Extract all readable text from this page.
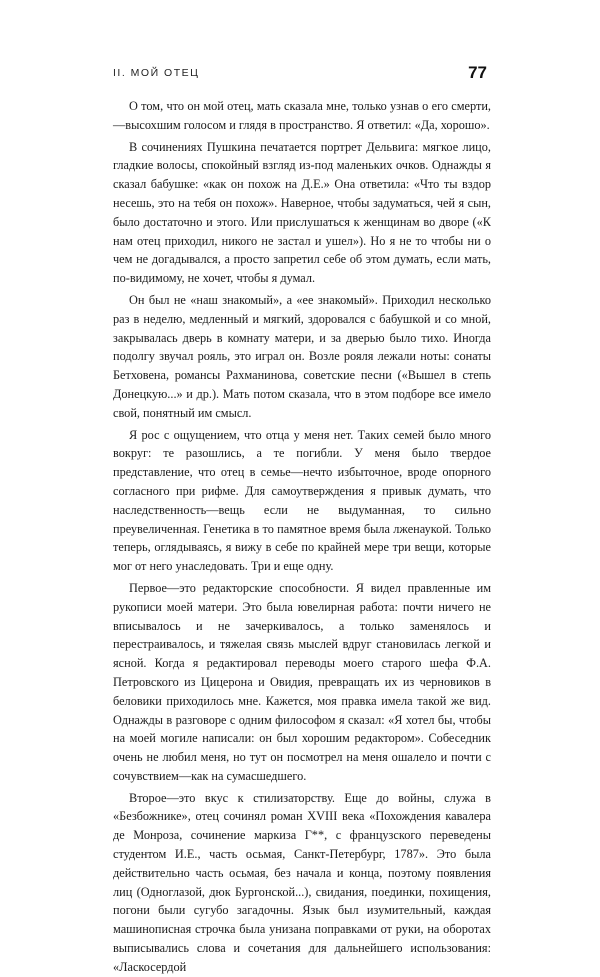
II. МОЙ ОТЕЦ	77

О том, что он мой отец, мать сказала мне, только узнав о его смерти,—высохшим голосом и глядя в пространство. Я ответил: «Да, хорошо».

В сочинениях Пушкина печатается портрет Дельвига: мягкое лицо, гладкие волосы, спокойный взгляд из-под маленьких очков. Однажды я сказал бабушке: «как он похож на Д.Е.» Она ответила: «Что ты вздор несешь, это на тебя он похож». Наверное, чтобы задуматься, чей я сын, было достаточно и этого. Или прислушаться к женщинам во дворе («К нам отец приходил, никого не застал и ушел»). Но я не то чтобы ни о чем не догадывался, а просто запретил себе об этом думать, если мать, по-видимому, не хочет, чтобы я думал.

Он был не «наш знакомый», а «ее знакомый». Приходил несколько раз в неделю, медленный и мягкий, здоровался с бабушкой и со мной, закрывалась дверь в комнату матери, и за дверью было тихо. Иногда подолгу звучал рояль, это играл он. Возле рояля лежали ноты: сонаты Бетховена, романсы Рахманинова, советские песни («Вышел в степь Донецкую...» и др.). Мать потом сказала, что в этом подборе все имело свой, понятный им смысл.

Я рос с ощущением, что отца у меня нет. Таких семей было много вокруг: те разошлись, а те погибли. У меня было твердое представление, что отец в семье—нечто избыточное, вроде опорного согласного при рифме. Для самоутверждения я привык думать, что наследственность—вещь если не выдуманная, то сильно преувеличенная. Генетика в то памятное время была лженаукой. Только теперь, оглядываясь, я вижу в себе по крайней мере три вещи, которые мог от него унаследовать. Три и еще одну.

Первое—это редакторские способности. Я видел правленные им рукописи моей матери. Это была ювелирная работа: почти ничего не вписывалось и не зачеркивалось, а только заменялось и перестраивалось, и тяжелая связь мыслей вдруг становилась легкой и ясной. Когда я редактировал переводы моего старого шефа Ф.А. Петровского из Цицерона и Овидия, превращать их из черновиков в беловики приходилось мне. Кажется, моя правка имела такой же вид. Однажды в разговоре с одним философом я сказал: «Я хотел бы, чтобы на моей могиле написали: он был хорошим редактором». Собеседник очень не любил меня, но тут он посмотрел на меня ошалело и почти с сочувствием—как на сумасшедшего.

Второе—это вкус к стилизаторству. Еще до войны, служа в «Безбожнике», отец сочинял роман XVIII века «Похождения кавалера де Монроза, сочинение маркиза Г**, с французского переведены студентом И.Е., часть осьмая, Санкт-Петербург, 1787». Это была действительно часть осьмая, без начала и конца, поэтому появления лиц (Одноглазой, дюк Бургонской...), свидания, поединки, похищения, погони были сугубо загадочны. Язык был изумительный, каждая машинописная строчка была унизана поправками от руки, на оборотах выписывались слова и сочетания для дальнейшего использования: «Ласкосердой
